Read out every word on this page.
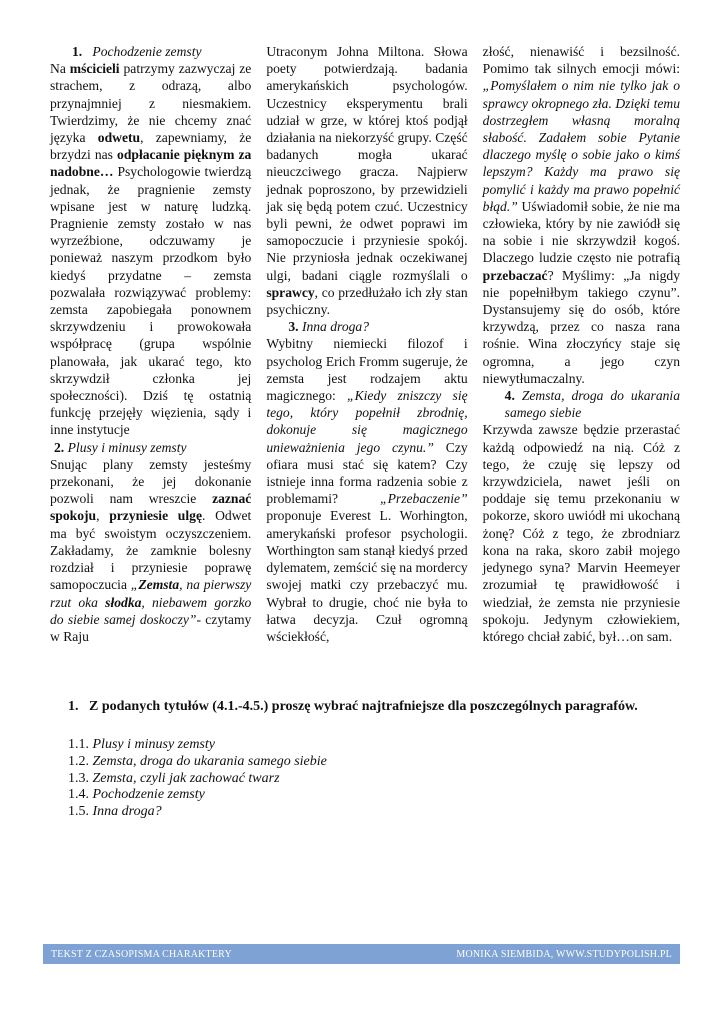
1. Pochodzenie zemsty

Na mścicieli patrzymy zazwyczaj ze strachem, z odrazą, albo przynajmniej z niesmakiem. Twierdzimy, że nie chcemy znać języka odwetu, zapewniamy, że brzydzi nas odpłacanie pięknym za nadobne… Psychologowie twierdzą jednak, że pragnienie zemsty wpisane jest w naturę ludzką. Pragnienie zemsty zostało w nas wyrzeźbione, odczuwamy je ponieważ naszym przodkom było kiedyś przydatne – zemsta pozwalała rozwiązywać problemy: zemsta zapobiegała ponownem skrzywdzeniu i prowokowała współpracę (grupa wspólnie planowała, jak ukarać tego, kto skrzywdził członka jej społeczności). Dziś tę ostatnią funkcję przejęły więzienia, sądy i inne instytucje

2. Plusy i minusy zemsty

Snując plany zemsty jesteśmy przekonani, że jej dokonanie pozwoli nam wreszcie zaznać spokoju, przyniesie ulgę. Odwet ma być swoistym oczyszczeniem. Zakładamy, że zamknie bolesny rozdział i przyniesie poprawę samopoczucia „Zemsta, na pierwszy rzut oka słodka, niebawem gorzko do siebie samej doskoczy”- czytamy w Raju

Utraconym Johna Miltona. Słowa poety potwierdzają. badania amerykańskich psychologów. Uczestnicy eksperymentu brali udział w grze, w której ktoś podjął działania na niekorzyść grupy. Część badanych mogła ukarać nieuczciwego gracza. Najpierw jednak poproszono, by przewidzieli jak się będą potem czuć. Uczestnicy byli pewni, że odwet poprawi im samopoczucie i przyniesie spokój. Nie przyniosła jednak oczekiwanej ulgi, badani ciągle rozmyślali o sprawcy, co przedłużało ich zły stan psychiczny.

3. Inna droga?

Wybitny niemiecki filozof i psycholog Erich Fromm sugeruje, że zemsta jest rodzajem aktu magicznego: „Kiedy zniszczy się tego, który popełnił zbrodnię, dokonuje się magicznego unieważnienia jego czynu.” Czy ofiara musi stać się katem? Czy istnieje inna forma radzenia sobie z problemami? „Przebaczenie” proponuje Everest L. Worhington, amerykański profesor psychologii. Worthington sam stanął kiedyś przed dylematem, zemścić się na mordercy swojej matki czy przebaczyć mu. Wybrał to drugie, choć nie była to łatwa decyzja. Czuł ogromną wściekłość,

złość, nienawiść i bezsilność. Pomimo tak silnych emocji mówi: „Pomyślałem o nim nie tylko jak o sprawcy okropnego zła. Dzięki temu dostrzegłem własną moralną słabość. Zadałem sobie Pytanie dlaczego myślę o sobie jako o kimś lepszym? Każdy ma prawo się pomylić i każdy ma prawo popełnić błąd.” Uświadomił sobie, że nie ma człowieka, który by nie zawiódł się na sobie i nie skrzywdził kogoś. Dlaczego ludzie często nie potrafią przebaczać? Myślimy: „Ja nigdy nie popełniłbym takiego czynu”. Dystansujemy się do osób, które krzywdzą, przez co nasza rana rośnie. Wina złoczyńcy staje się ogromna, a jego czyn niewytłumaczalny.

4. Zemsta, droga do ukarania samego siebie

Krzywda zawsze będzie przerastać każdą odpowiedź na nią. Cóż z tego, że czuję się lepszy od krzywdziciela, nawet jeśli on poddaje się temu przekonaniu w pokorze, skoro uwiódł mi ukochaną żonę? Cóż z tego, że zbrodniarz kona na raka, skoro zabił mojego jedynego syna? Marvin Heemeyer zrozumiał tę prawidłowość i wiedział, że zemsta nie przyniesie spokoju. Jedynym człowiekiem, którego chciał zabić, był…on sam.

1. Z podanych tytułów (4.1.-4.5.) proszę wybrać najtrafniejsze dla poszczególnych paragrafów.
1.1. Plusy i minusy zemsty
1.2. Zemsta, droga do ukarania samego siebie
1.3. Zemsta, czyli jak zachować twarz
1.4. Pochodzenie zemsty
1.5. Inna droga?
TEKST Z CZASOPISMA CHARAKTERY	MONIKA SIEMBIDA, WWW.STUDYPOLISH.PL
